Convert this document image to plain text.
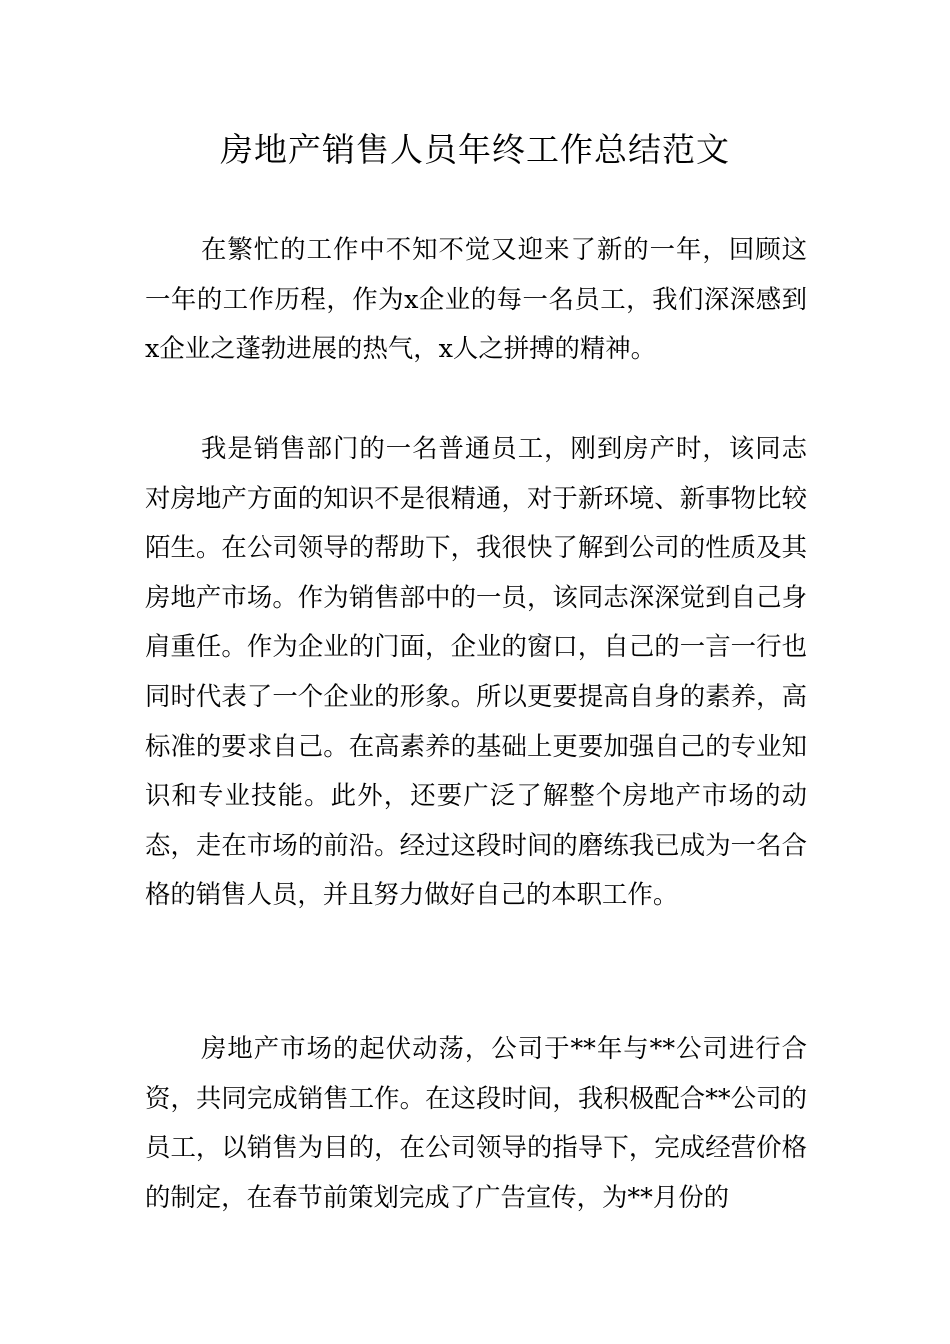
房地产销售人员年终工作总结范文

在繁忙的工作中不知不觉又迎来了新的一年，回顾这一年的工作历程，作为x企业的每一名员工，我们深深感到x企业之蓬勃进展的热气，x人之拼搏的精神。

我是销售部门的一名普通员工，刚到房产时，该同志对房地产方面的知识不是很精通，对于新环境、新事物比较陌生。在公司领导的帮助下，我很快了解到公司的性质及其房地产市场。作为销售部中的一员，该同志深深觉到自己身肩重任。作为企业的门面，企业的窗口，自己的一言一行也同时代表了一个企业的形象。所以更要提高自身的素养，高标准的要求自己。在高素养的基础上更要加强自己的专业知识和专业技能。此外，还要广泛了解整个房地产市场的动态，走在市场的前沿。经过这段时间的磨练我已成为一名合格的销售人员，并且努力做好自己的本职工作。

房地产市场的起伏动荡，公司于**年与**公司进行合资，共同完成销售工作。在这段时间，我积极配合**公司的员工，以销售为目的，在公司领导的指导下，完成经营价格的制定，在春节前策划完成了广告宣传，为**月份的
